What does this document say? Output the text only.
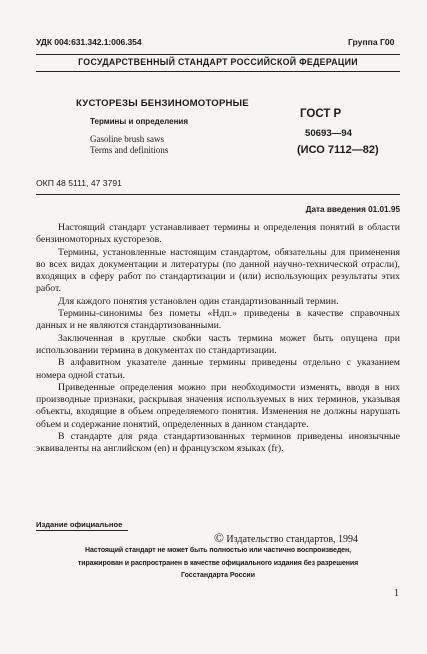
УДК 004:631.342.1:006.354	Группа Г00
ГОСУДАРСТВЕННЫЙ СТАНДАРТ РОССИЙСКОЙ ФЕДЕРАЦИИ
КУСТОРЕЗЫ БЕНЗИНОМОТОРНЫЕ
Термины и определения
Gasoline brush saws
Terms and definitions
ГОСТ Р
50693—94
(ИСО 7112—82)
ОКП 48 5111, 47 3791
Дата введения 01.01.95

Настоящий стандарт устанавливает термины и определения понятий в области бензиномоторных кусторезов.

Термины, установленные настоящим стандартом, обязательны для применения во всех видах документации и литературы (по данной научно-технической отрасли), входящих в сферу работ по стандартизации и (или) использующих результаты этих работ.

Для каждого понятия установлен один стандартизованный термин.

Термины-синонимы без пометы «Ндп.» приведены в качестве справочных данных и не являются стандартизованными.

Заключенная в круглые скобки часть термина может быть опущена при использовании термина в документах по стандартизации.

В алфавитном указателе данные термины приведены отдельно с указанием номера одной статьи.

Приведенные определения можно при необходимости изменять, вводя в них производные признаки, раскрывая значения используемых в них терминов, указывая объекты, входящие в объем определяемого понятия. Изменения не должны нарушать объем и содержание понятий, определенных в данном стандарте.

В стандарте для ряда стандартизованных терминов приведены иноязычные эквиваленты на английском (en) и французском языках (fr).

Издание официальное
© Издательство стандартов, 1994
Настоящий стандарт не может быть полностью или частично воспроизведен,
тиражирован и распространен в качестве официального издания без разрешения
Госстандарта России
1
